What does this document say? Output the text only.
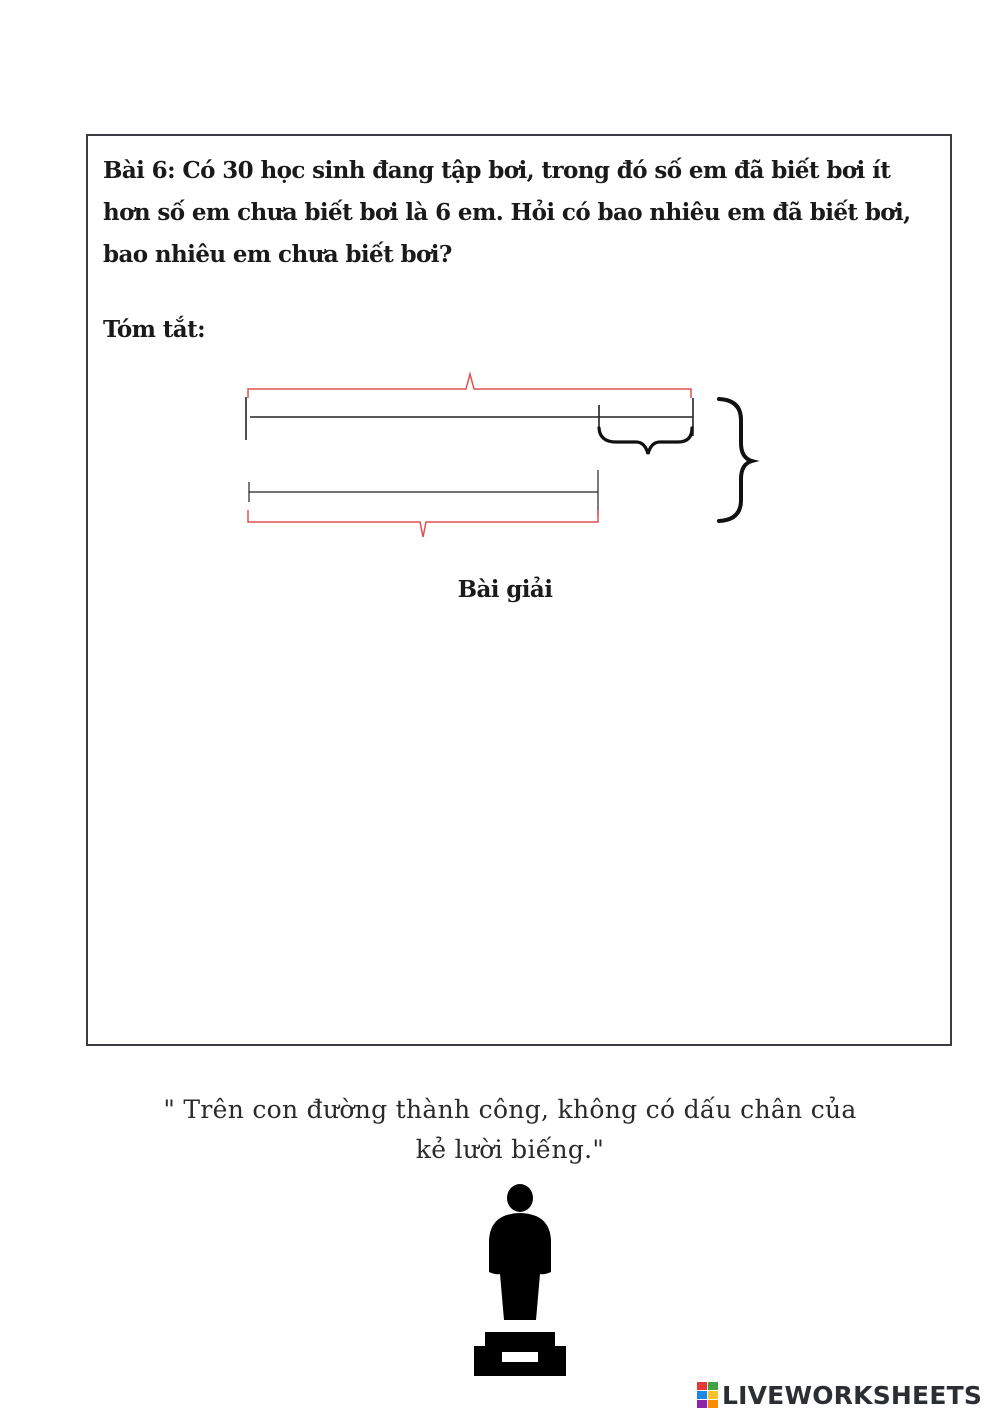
Bài 6: Có 30 học sinh đang tập bơi, trong đó số em đã biết bơi ít hơn số em chưa biết bơi là 6 em. Hỏi có bao nhiêu em đã biết bơi, bao nhiêu em chưa biết bơi?

Tóm tắt:
Bài giải

" Trên con đường thành công, không có dấu chân của
kẻ lười biếng."

LIVEWORKSHEETS
